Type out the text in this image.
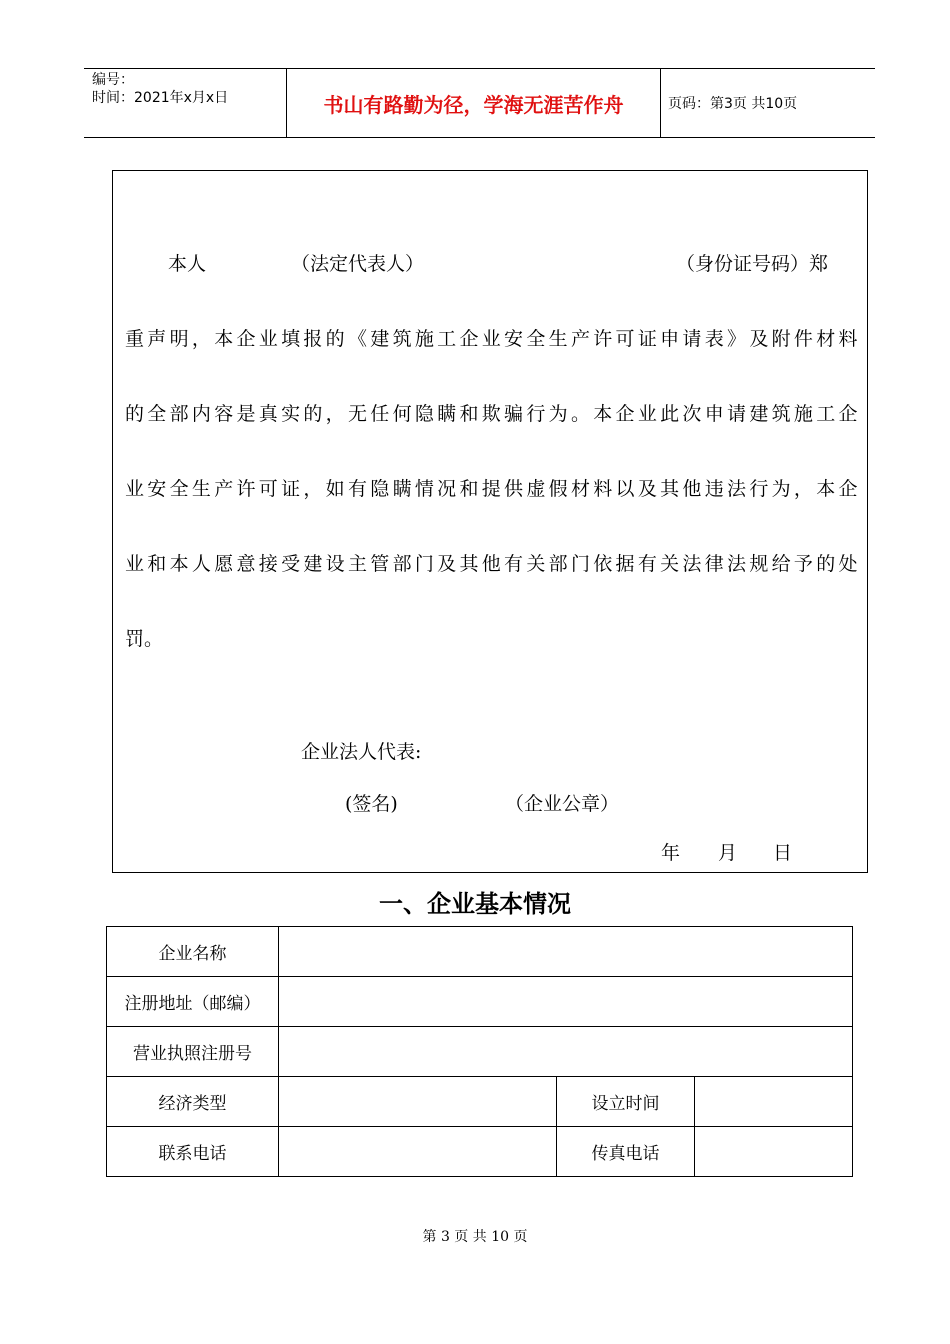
编号：
时间：2021年x月x日	书山有路勤为径，学海无涯苦作舟	页码：第3页 共10页
本人	（法定代表人）	（身份证号码）郑
重 声 明 ， 本 企 业 填 报 的 《 建 筑 施 工 企 业 安 全 生 产 许 可 证 申 请 表 》 及 附 件 材 料
的 全 部 内 容 是 真 实 的 ， 无 任 何 隐 瞒 和 欺 骗 行 为 。 本 企 业 此 次 申 请 建 筑 施 工 企
业 安 全 生 产 许 可 证 ， 如 有 隐 瞒 情 况 和 提 供 虚 假 材 料 以 及 其 他 违 法 行 为 ， 本 企
业 和 本 人 愿 意 接 受 建 设 主 管 部 门 及 其 他 有 关 部 门 依 据 有 关 法 律 法 规 给 予 的 处
罚。
企业法人代表:
(签名)	（企业公章）
年 月 日
一、企业基本情况
企业名称			
注册地址（邮编）			
营业执照注册号			
经济类型		设立时间	
联系电话		传真电话	
第 3 页 共 10 页
